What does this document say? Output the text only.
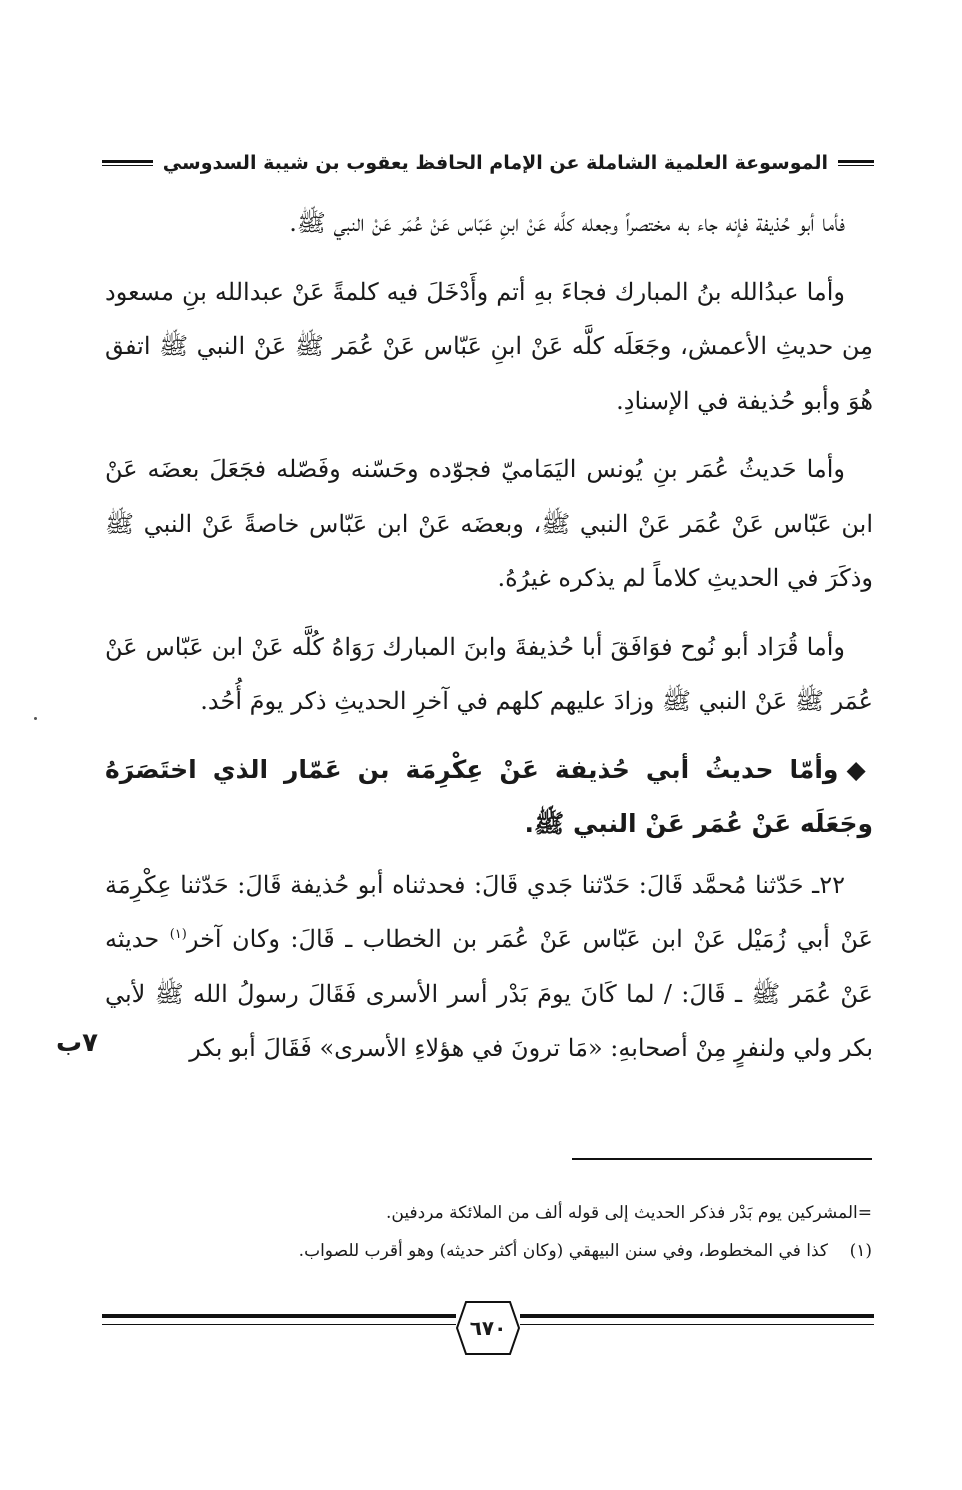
الموسوعة العلمية الشاملة عن الإمام الحافظ يعقوب بن شيبة السدوسي

فأما أبو حُذيفة فإنه جاء به مختصراً وجعله كلَّه عَنْ ابنِ عَبّاس عَنْ عُمَر عَنْ النبي ﷺ.

وأما عبدُالله بنُ المبارك فجاءَ بهِ أتم وأَدْخَلَ فيه كلمةً عَنْ عبدالله بنِ مسعود مِن حديثِ الأعمش، وجَعَلَه كلَّه عَنْ ابنِ عَبّاس عَنْ عُمَر ﷺ عَنْ النبي ﷺ اتفق هُوَ وأبو حُذيفة في الإسنادِ.

وأما حَديثُ عُمَر بنِ يُونس اليَمَاميّ فجوّده وحَسّنه وفَصّله فجَعَلَ بعضَه عَنْ ابن عَبّاس عَنْ عُمَر عَنْ النبي ﷺ، وبعضَه عَنْ ابن عَبّاس خاصةً عَنْ النبي ﷺ وذكَرَ في الحديثِ كلاماً لم يذكره غيرُهُ.

وأما قُرَاد أبو نُوح فوَافَقَ أبا حُذيفةَ وابنَ المبارك رَوَاهُ كُلَّه عَنْ ابن عَبّاس عَنْ عُمَر ﷺ عَنْ النبي ﷺ وزادَ عليهم كلهم في آخرِ الحديثِ ذكر يومَ أُحُد.

◆وأمّا حديثُ أبي حُذيفة عَنْ عِكْرِمَة بن عَمّار الذي اختَصَرَهُ وجَعَلَه عَنْ عُمَر عَنْ النبي ﷺ.

٢٢ـ حَدّثنا مُحمَّد قَالَ: حَدّثنا جَدي قَالَ: فحدثناه أبو حُذيفة قَالَ: حَدّثنا عِكْرِمَة عَنْ أبي زُمَيْل عَنْ ابن عَبّاس عَنْ عُمَر بن الخطاب ـ قَالَ: وكان آخر$^{(١)}$ حديثه عَنْ عُمَر ﷺ ـ قَالَ: / لما كَانَ يومَ بَدْر أسر الأسرى فَقَالَ رسولُ الله ﷺ لأبي بكر ولي ولنفرٍ مِنْ أصحابهِ: «مَا ترونَ في هؤلاءِ الأسرى» فَقَالَ أبو بكر

٧ب

=المشركين يوم بَدْر فذكر الحديث إلى قوله ألف من الملائكة مردفين.

(١)كذا في المخطوط، وفي سنن البيهقي (وكان أكثر حديثه) وهو أقرب للصواب.

٦٧٠
